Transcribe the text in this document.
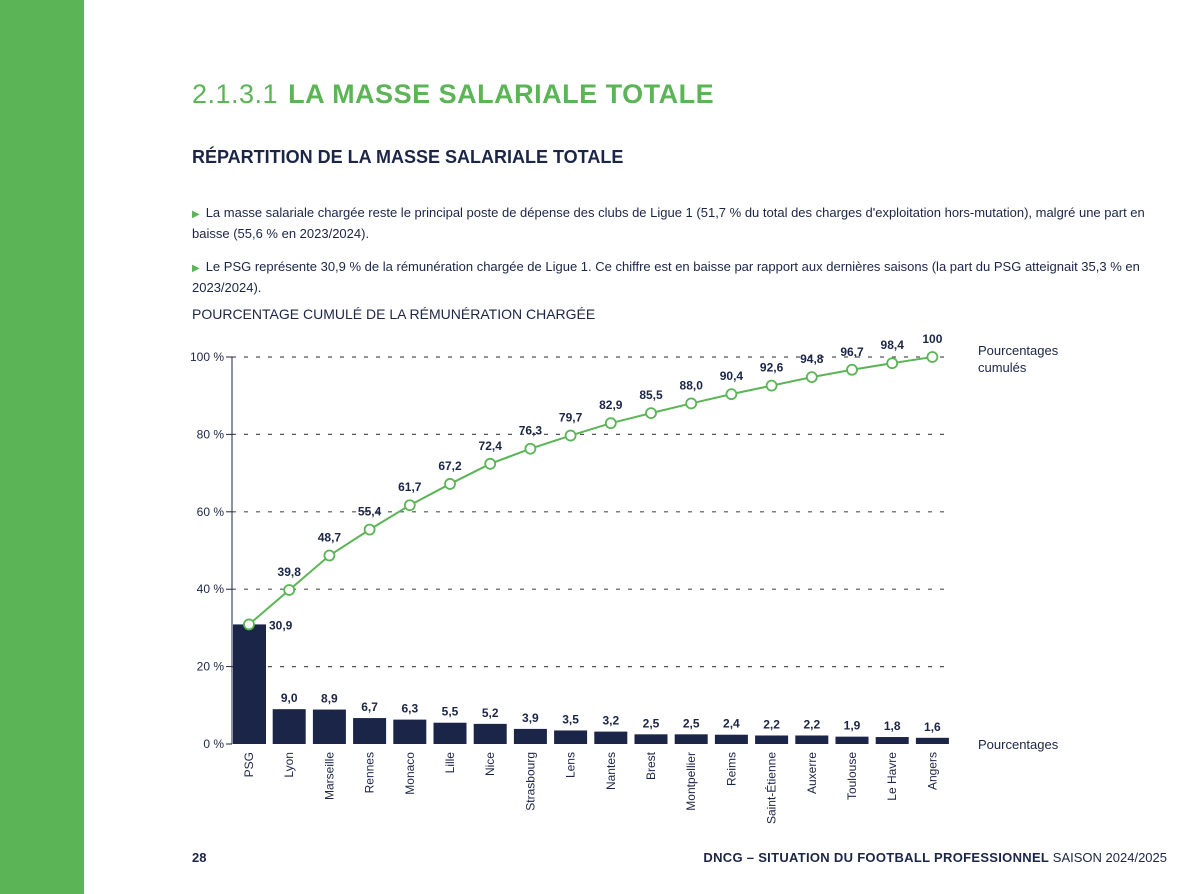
2.1.3.1 LA MASSE SALARIALE TOTALE
RÉPARTITION DE LA MASSE SALARIALE TOTALE
▶ La masse salariale chargée reste le principal poste de dépense des clubs de Ligue 1 (51,7 % du total des charges d'exploitation hors-mutation), malgré une part en baisse (55,6 % en 2023/2024).
▶ Le PSG représente 30,9 % de la rémunération chargée de Ligue 1. Ce chiffre est en baisse par rapport aux dernières saisons (la part du PSG atteignait 35,3 % en 2023/2024).
POURCENTAGE CUMULÉ DE LA RÉMUNÉRATION CHARGÉE
0 %
20 %
40 %
60 %
80 %
100 %
9,0 8,9
6,7 6,3 5,5 5,2 3,9 3,5 3,2 2,5 2,5 2,4 2,2 2,2 1,9 1,8 1,6
PSG Lyon Marseille Rennes Monaco Lille Nice Strasbourg Lens Nantes Brest Montpellier Reims Saint-Étienne Auxerre Toulouse Le Havre Angers
30,9
39,8
48,7
55,4
61,7
67,2
72,4
76,3
79,7
82,9
85,5
88,0
90,4
92,6
94,8
96,7 98,4 100
Pourcentages
cumulés
Pourcentages
28	DNCG – SITUATION DU FOOTBALL PROFESSIONNEL SAISON 2024/2025
